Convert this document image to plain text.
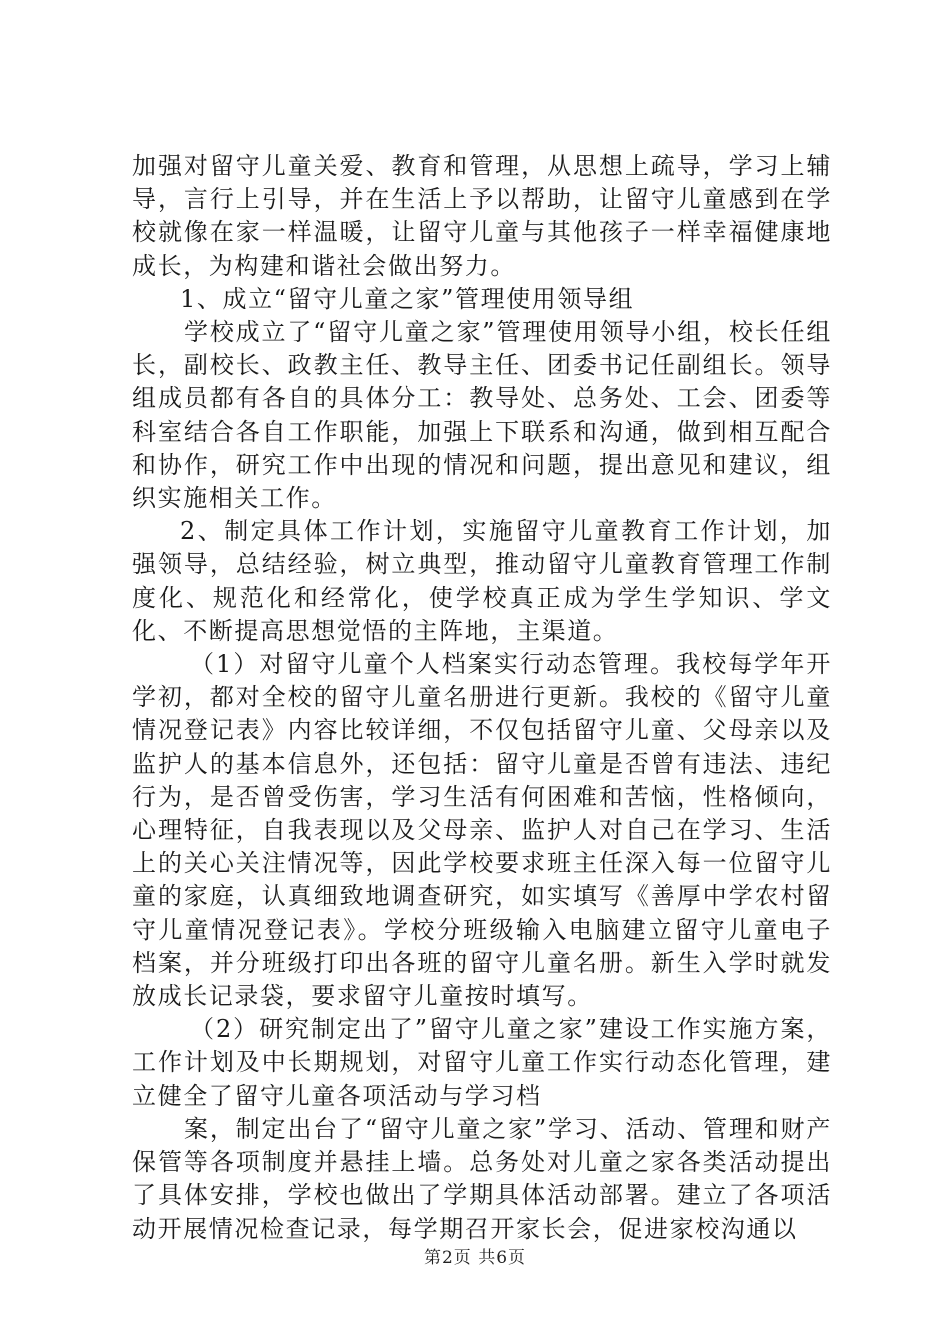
加强对留守儿童关爱、教育和管理，从思想上疏导，学习上辅导，言行上引导，并在生活上予以帮助，让留守儿童感到在学校就像在家一样温暖，让留守儿童与其他孩子一样幸福健康地成长，为构建和谐社会做出努力。

1、成立“留守儿童之家”管理使用领导组

学校成立了“留守儿童之家”管理使用领导小组，校长任组长，副校长、政教主任、教导主任、团委书记任副组长。领导组成员都有各自的具体分工：教导处、总务处、工会、团委等科室结合各自工作职能，加强上下联系和沟通，做到相互配合和协作，研究工作中出现的情况和问题，提出意见和建议，组织实施相关工作。

2、制定具体工作计划，实施留守儿童教育工作计划，加强领导，总结经验，树立典型，推动留守儿童教育管理工作制度化、规范化和经常化，使学校真正成为学生学知识、学文化、不断提高思想觉悟的主阵地，主渠道。

（1）对留守儿童个人档案实行动态管理。我校每学年开学初，都对全校的留守儿童名册进行更新。我校的《留守儿童情况登记表》内容比较详细，不仅包括留守儿童、父母亲以及监护人的基本信息外，还包括：留守儿童是否曾有违法、违纪行为，是否曾受伤害，学习生活有何困难和苦恼，性格倾向，心理特征，自我表现以及父母亲、监护人对自己在学习、生活上的关心关注情况等，因此学校要求班主任深入每一位留守儿童的家庭，认真细致地调查研究，如实填写《善厚中学农村留守儿童情况登记表》。学校分班级输入电脑建立留守儿童电子档案，并分班级打印出各班的留守儿童名册。新生入学时就发放成长记录袋，要求留守儿童按时填写。

（2）研究制定出了”留守儿童之家”建设工作实施方案，工作计划及中长期规划，对留守儿童工作实行动态化管理，建立健全了留守儿童各项活动与学习档

案，制定出台了“留守儿童之家”学习、活动、管理和财产保管等各项制度并悬挂上墙。总务处对儿童之家各类活动提出了具体安排，学校也做出了学期具体活动部署。建立了各项活动开展情况检查记录，每学期召开家长会，促进家校沟通以

第2页 共6页
